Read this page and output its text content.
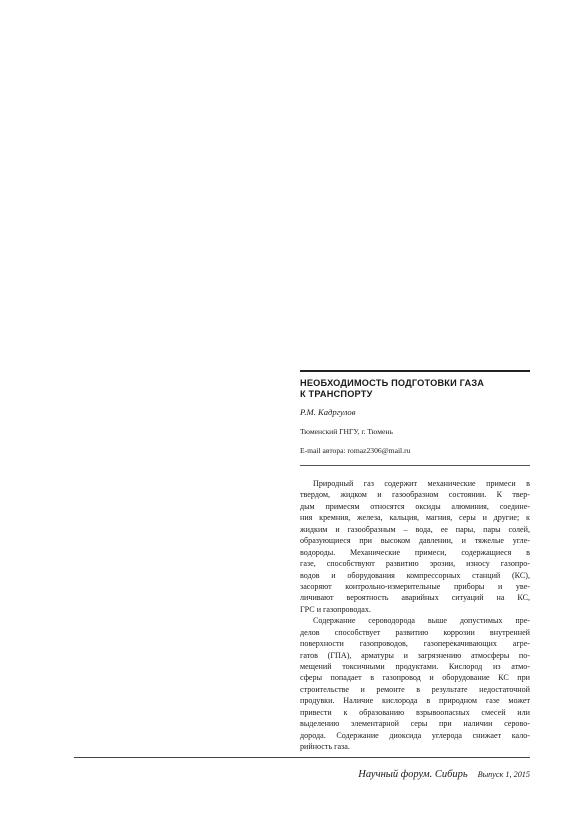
НЕОБХОДИМОСТЬ ПОДГОТОВКИ ГАЗА
К ТРАНСПОРТУ
Р.М. Кадргулов
Тюменский ГНГУ, г. Тюмень
E-mail автора: romaz2306@mail.ru
Природный газ содержит механические примеси в
твердом, жидком и газообразном состоянии. К твер-
дым примесям относятся оксиды алюминия, соедине-
ния кремния, железа, кальция, магния, серы и другие; к
жидким и газообразным – вода, ее пары, пары солей,
образующиеся при высоком давлении, и тяжелые угле-
водороды. Механические примеси, содержащиеся в
газе, способствуют развитию эрозии, износу газопро-
водов и оборудования компрессорных станций (КС),
засоряют контрольно-измерительные приборы и уве-
личивают вероятность аварийных ситуаций на КС,
ГРС и газопроводах.
Содержание сероводорода выше допустимых пре-
делов способствует развитию коррозии внутренней
поверхности газопроводов, газоперекачивающих агре-
гатов (ГПА), арматуры и загрязнению атмосферы по-
мещений токсичными продуктами. Кислород из атмо-
сферы попадает в газопровод и оборудование КС при
строительстве и ремонте в результате недостаточной
продувки. Наличие кислорода в природном газе может
привести к образованию взрывоопасных смесей или
выделению элементарной серы при наличии серово-
дорода. Содержание диоксида углерода снижает кало-
рийность газа.
Научный форум. Сибирь Выпуск 1, 2015
